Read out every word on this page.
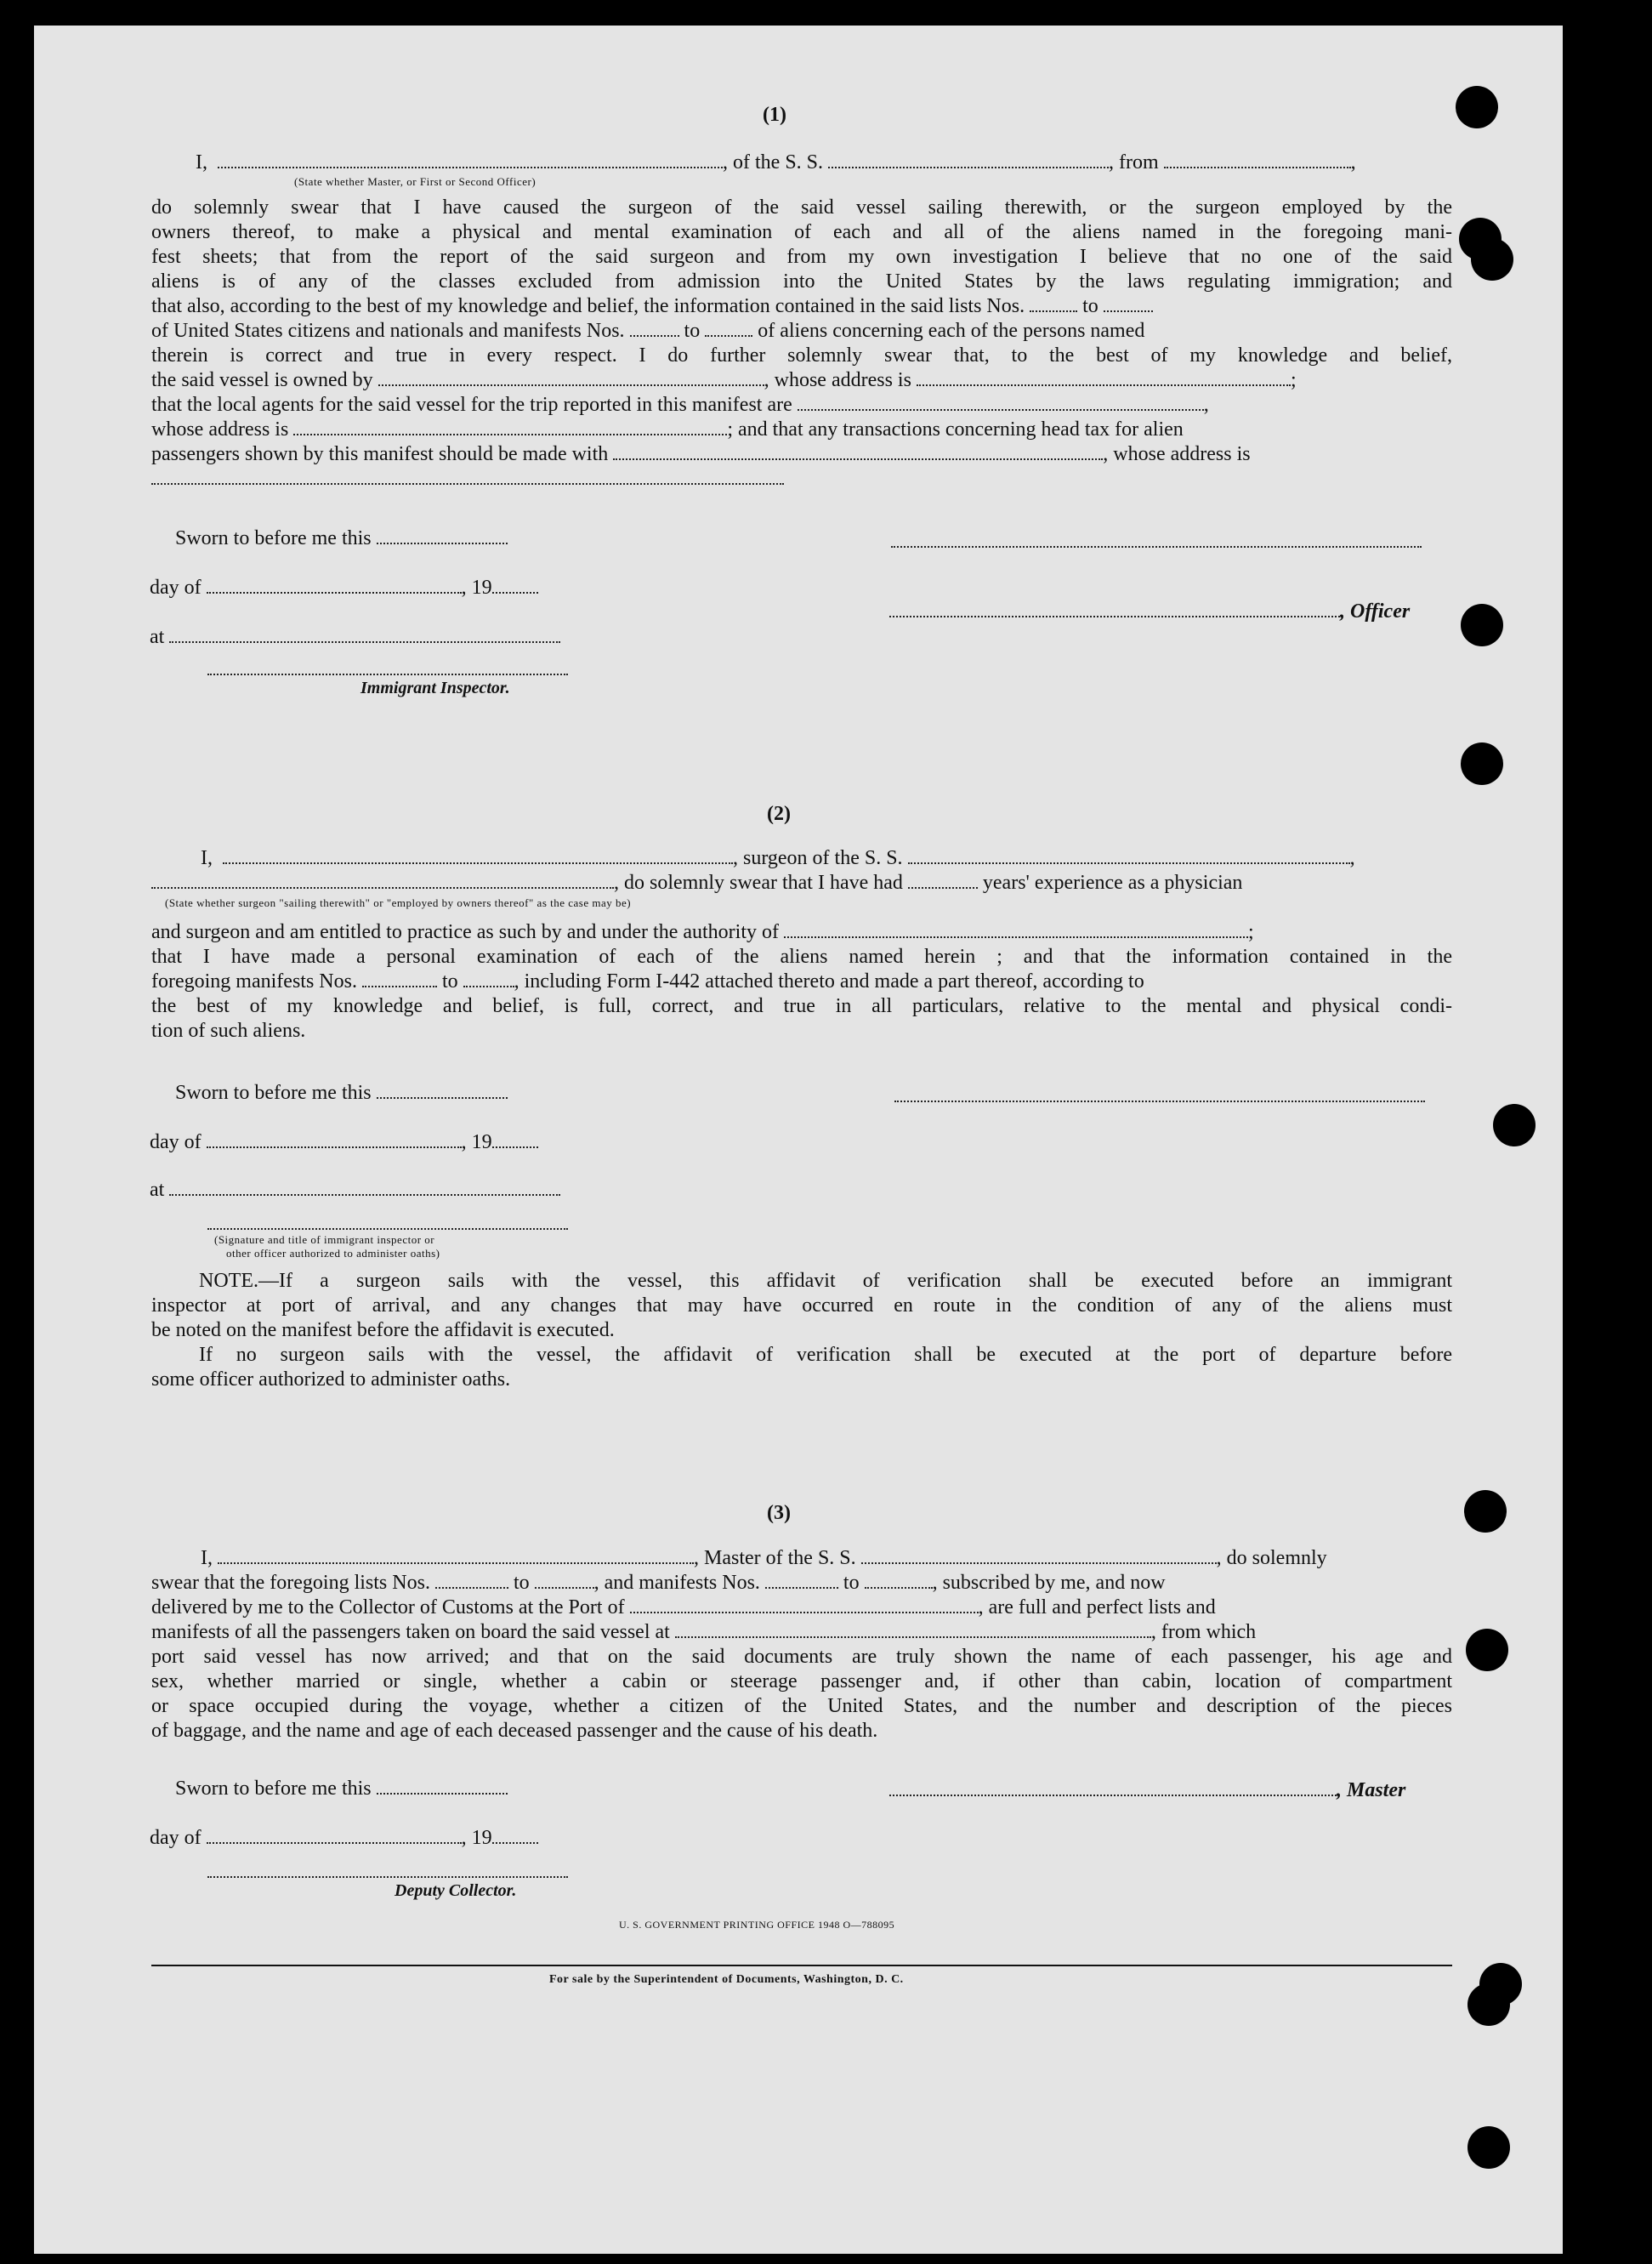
(1)
I,	, of the S. S.	, from	,
(State whether Master, or First or Second Officer)
do solemnly swear that I have caused the surgeon of the said vessel sailing therewith, or the surgeon employed by the
owners thereof, to make a physical and mental examination of each and all of the aliens named in the foregoing mani-
fest sheets; that from the report of the said surgeon and from my own investigation I believe that no one of the said
aliens is of any of the classes excluded from admission into the United States by the laws regulating immigration; and
that also, according to the best of my knowledge and belief, the information contained in the said lists Nos.	to
of United States citizens and nationals and manifests Nos.	to	of aliens concerning each of the persons named
therein is correct and true in every respect. I do further solemnly swear that, to the best of my knowledge and belief,
the said vessel is owned by	, whose address is	;
that the local agents for the said vessel for the trip reported in this manifest are	,
whose address is	; and that any transactions concerning head tax for alien
passengers shown by this manifest should be made with	, whose address is
Sworn to before me this
day of	, 19
, Officer
at
Immigrant Inspector.
(2)
I,	, surgeon of the S. S.	,
, do solemnly swear that I have had	years' experience as a physician
(State whether surgeon "sailing therewith" or "employed by owners thereof" as the case may be)
and surgeon and am entitled to practice as such by and under the authority of	;
that I have made a personal examination of each of the aliens named herein ; and that the information contained in the
foregoing manifests Nos.	to	, including Form I-442 attached thereto and made a part thereof, according to
the best of my knowledge and belief, is full, correct, and true in all particulars, relative to the mental and physical condi-
tion of such aliens.
Sworn to before me this
day of	, 19
at
(Signature and title of immigrant inspector or
other officer authorized to administer oaths)
NOTE.—If a surgeon sails with the vessel, this affidavit of verification shall be executed before an immigrant
inspector at port of arrival, and any changes that may have occurred en route in the condition of any of the aliens must
be noted on the manifest before the affidavit is executed.
If no surgeon sails with the vessel, the affidavit of verification shall be executed at the port of departure before
some officer authorized to administer oaths.
(3)
I,	, Master of the S. S.	, do solemnly
swear that the foregoing lists Nos.	to	, and manifests Nos.	to	, subscribed by me, and now
delivered by me to the Collector of Customs at the Port of	, are full and perfect lists and
manifests of all the passengers taken on board the said vessel at	, from which
port said vessel has now arrived; and that on the said documents are truly shown the name of each passenger, his age and
sex, whether married or single, whether a cabin or steerage passenger and, if other than cabin, location of compartment
or space occupied during the voyage, whether a citizen of the United States, and the number and description of the pieces
of baggage, and the name and age of each deceased passenger and the cause of his death.
Sworn to before me this	, Master
day of	, 19
Deputy Collector.
U. S. GOVERNMENT PRINTING OFFICE 1948 O—788095
For sale by the Superintendent of Documents, Washington, D. C.
